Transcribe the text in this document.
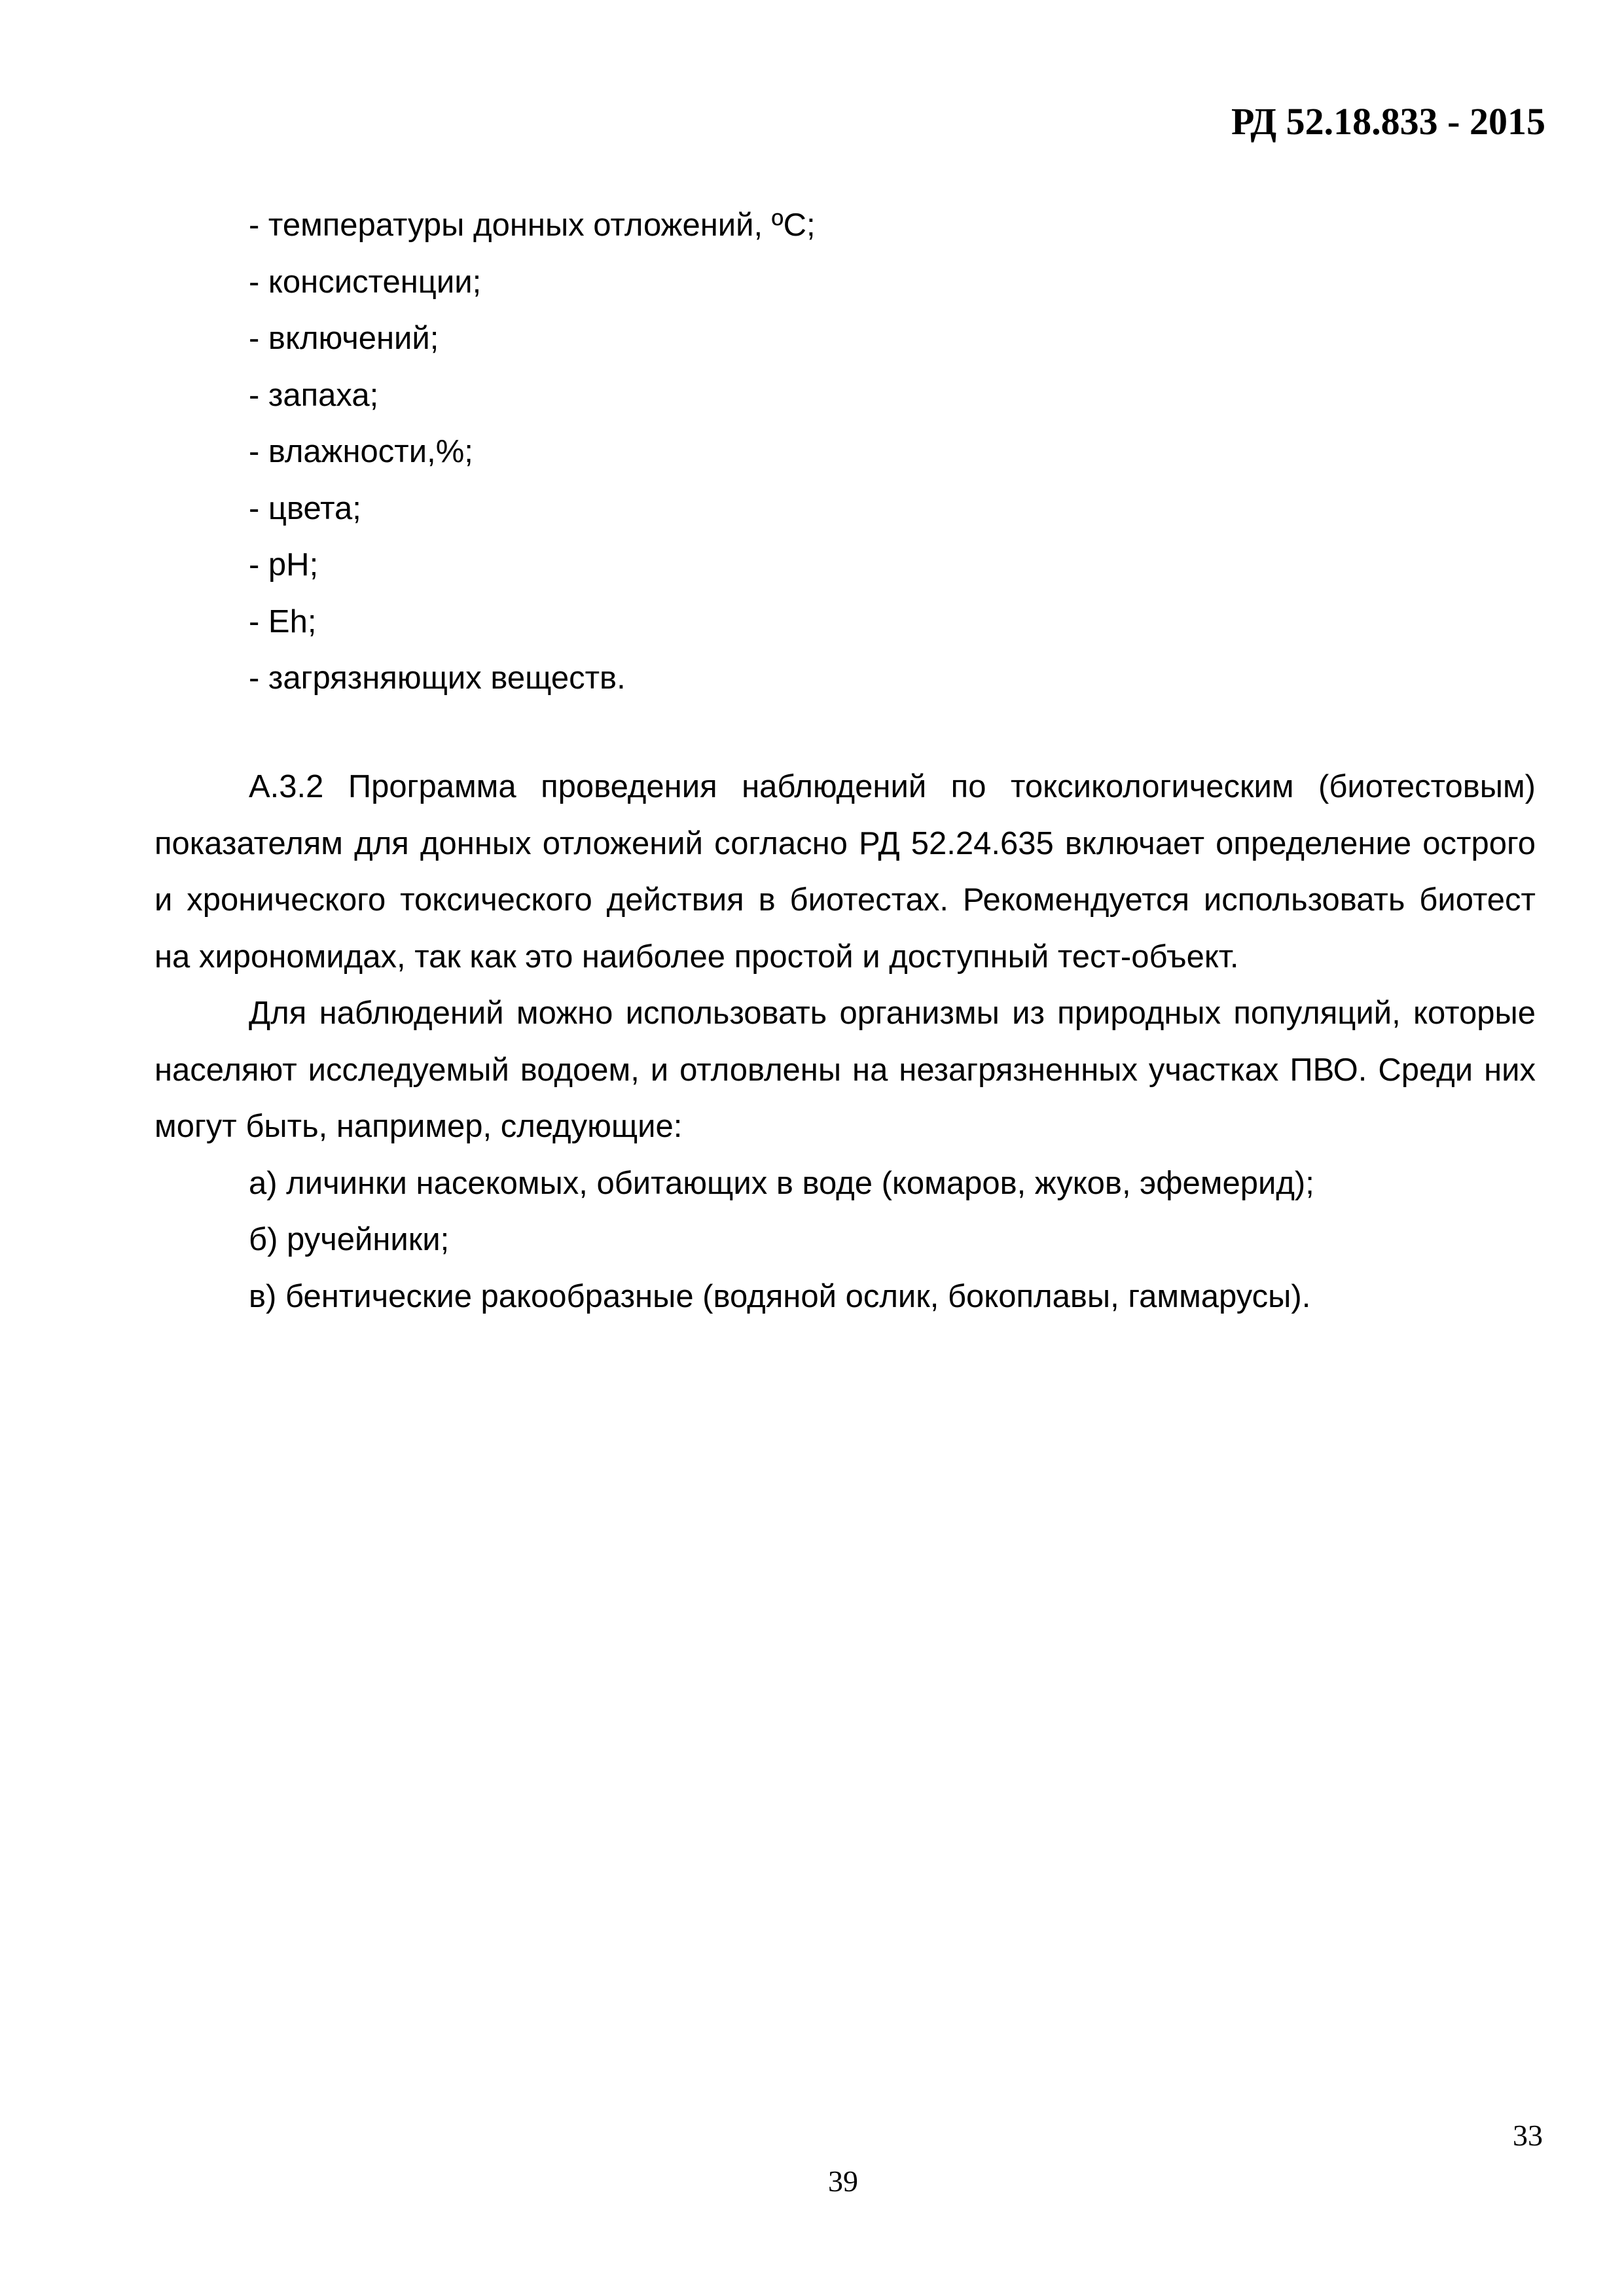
РД 52.18.833 - 2015

- температуры донных отложений, ºС;

- консистенции;

- включений;

- запаха;

- влажности,%;

- цвета;

- рН;

- Eh;

- загрязняющих веществ.

А.3.2 Программа проведения наблюдений по токсикологическим (биотестовым) показателям для донных отложений согласно РД 52.24.635 включает определение острого и хронического токсического действия в биотестах. Рекомендуется использовать биотест на хирономидах, так как это наиболее простой и доступный тест-объект.

Для наблюдений можно использовать организмы из природных популяций, которые населяют исследуемый водоем, и отловлены на незагрязненных участках ПВО. Среди них могут быть, например, следующие:

а) личинки насекомых, обитающих в воде (комаров, жуков, эфемерид);

б) ручейники;

в) бентические ракообразные (водяной ослик, бокоплавы, гаммарусы).

33
39
